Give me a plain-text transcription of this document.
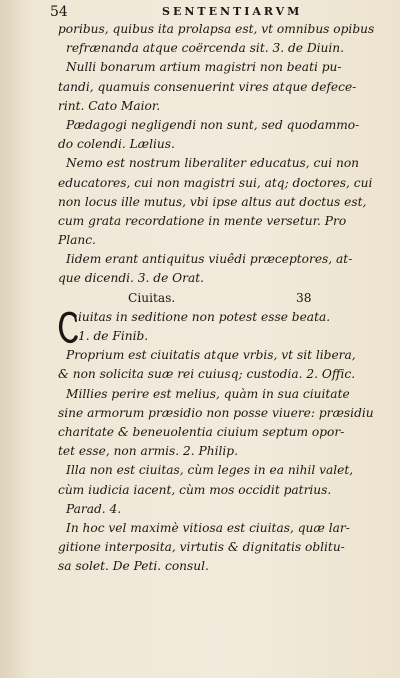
54	SENTENTIARVM
poribus, quibus ita prolapsa est, vt omnibus opibus
refrænanda atque coërcenda sit. 3. de Diuin.
Nulli bonarum artium magistri non beati pu-
tandi, quamuis consenuerint vires atque defece-
rint. Cato Maior.
Pædagogi negligendi non sunt, sed quodammo-
do colendi. Lælius.
Nemo est nostrum liberaliter educatus, cui non
educatores, cui non magistri sui, atq; doctores, cui
non locus ille mutus, vbi ipse altus aut doctus est,
cum grata recordatione in mente versetur. Pro
Planc.
Iidem erant antiquitus viuêdi præceptores, at-
que dicendi. 3. de Orat.
Ciuitas.	38
iuitas in seditione non potest esse beata.
1. de Finib.
Proprium est ciuitatis atque vrbis, vt sit libera,
& non solicita suæ rei cuiusq; custodia. 2. Offic.
Millies perire est melius, quàm in sua ciuitate
sine armorum præsidio non posse viuere: præsidiu
charitate & beneuolentia ciuium septum opor-
tet esse, non armis. 2. Philip.
Illa non est ciuitas, cùm leges in ea nihil valet,
cùm iudicia iacent, cùm mos occidit patrius.
Parad. 4.
In hoc vel maximè vitiosa est ciuitas, quæ lar-
gitione interposita, virtutis & dignitatis oblitu-
sa solet. De Peti. consul.
